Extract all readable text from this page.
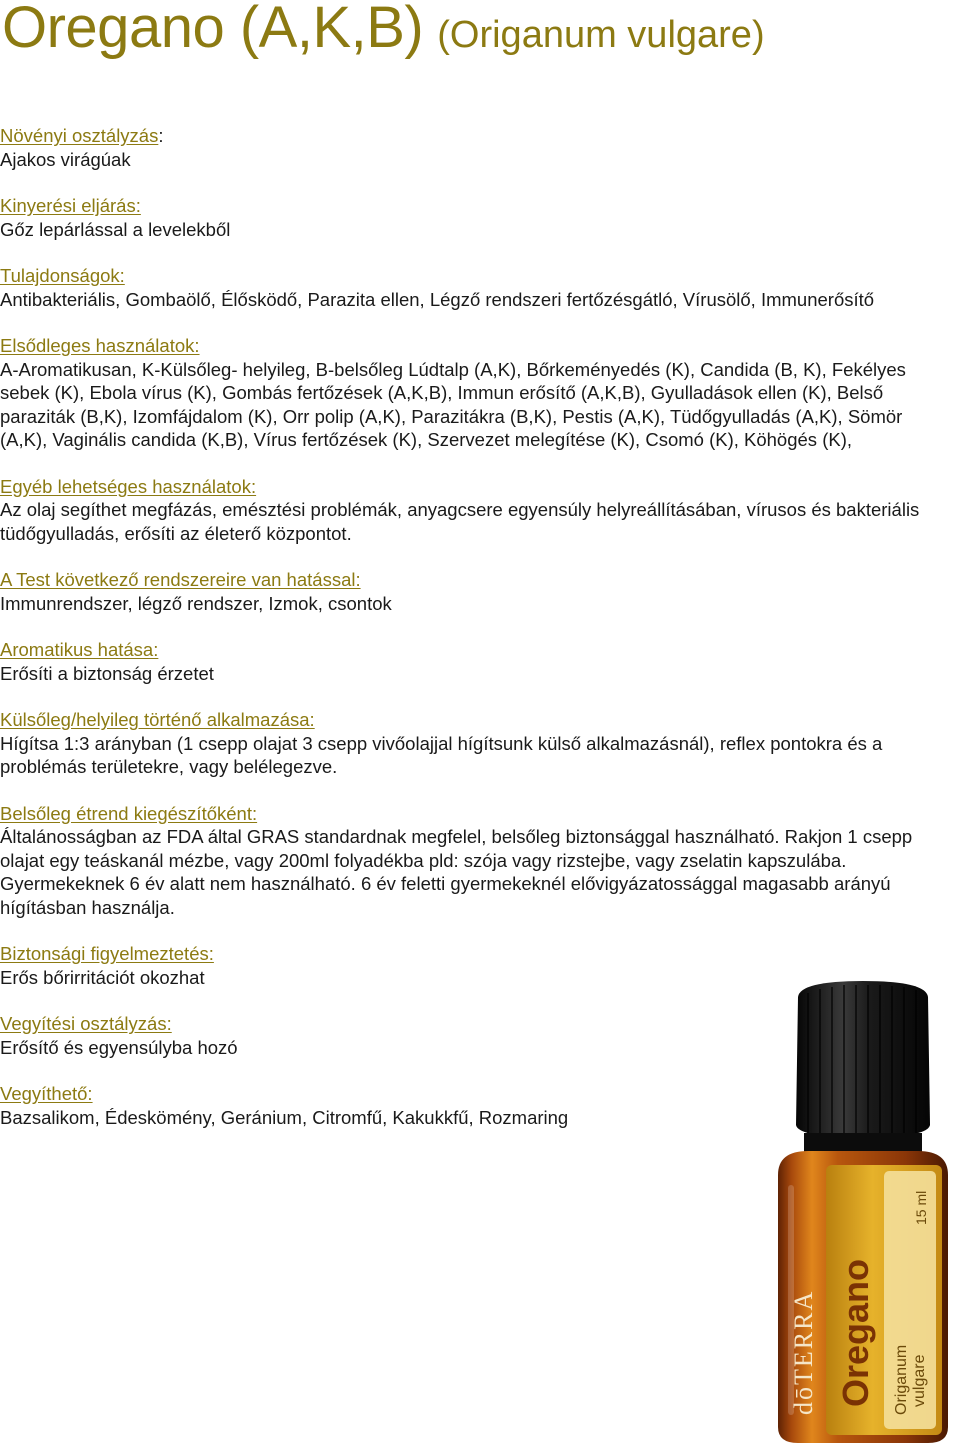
Oregano (A,K,B) (Origanum vulgare)
Növényi osztályzás:
Ajakos virágúak
Kinyerési eljárás:
Gőz lepárlással a levelekből
Tulajdonságok:
Antibakteriális, Gombaölő, Élősködő, Parazita ellen, Légző rendszeri fertőzésgátló, Vírusölő, Immunerősítő
Elsődleges használatok:
A-Aromatikusan, K-Külsőleg- helyileg, B-belsőleg Lúdtalp (A,K), Bőrkeményedés (K), Candida (B, K), Fekélyes sebek (K), Ebola vírus (K), Gombás fertőzések (A,K,B), Immun erősítő (A,K,B), Gyulladások ellen (K), Belső paraziták (B,K), Izomfájdalom (K), Orr polip (A,K), Parazitákra (B,K), Pestis (A,K), Tüdőgyulladás (A,K), Sömör (A,K), Vaginális candida (K,B), Vírus fertőzések (K), Szervezet melegítése (K), Csomó (K), Köhögés (K),
Egyéb lehetséges használatok:
Az olaj segíthet megfázás, emésztési problémák, anyagcsere egyensúly helyreállításában, vírusos és bakteriális tüdőgyulladás, erősíti az életerő központot.
A Test következő rendszereire van hatással:
Immunrendszer, légző rendszer, Izmok, csontok
Aromatikus hatása:
Erősíti a biztonság érzetet
Külsőleg/helyileg történő alkalmazása:
Hígítsa 1:3 arányban (1 csepp olajat 3 csepp vivőolajjal hígítsunk külső alkalmazásnál), reflex pontokra és a problémás területekre, vagy belélegezve.
Belsőleg étrend kiegészítőként:
Általánosságban az FDA által GRAS standardnak megfelel, belsőleg biztonsággal használható. Rakjon 1 csepp olajat egy teáskanál mézbe, vagy 200ml folyadékba pld: szója vagy rizstejbe, vagy zselatin kapszulába. Gyermekeknek 6 év alatt nem használható. 6 év feletti gyermekeknél elővigyázatossággal magasabb arányú hígításban használja.
Biztonsági figyelmeztetés:
Erős bőrirritációt okozhat
Vegyítési osztályzás:
Erősítő és egyensúlyba hozó
Vegyíthető:
Bazsalikom, Édeskömény, Geránium, Citromfű, Kakukkfű, Rozmaring
dōTERRA Oregano Origanum vulgare
15 ml
